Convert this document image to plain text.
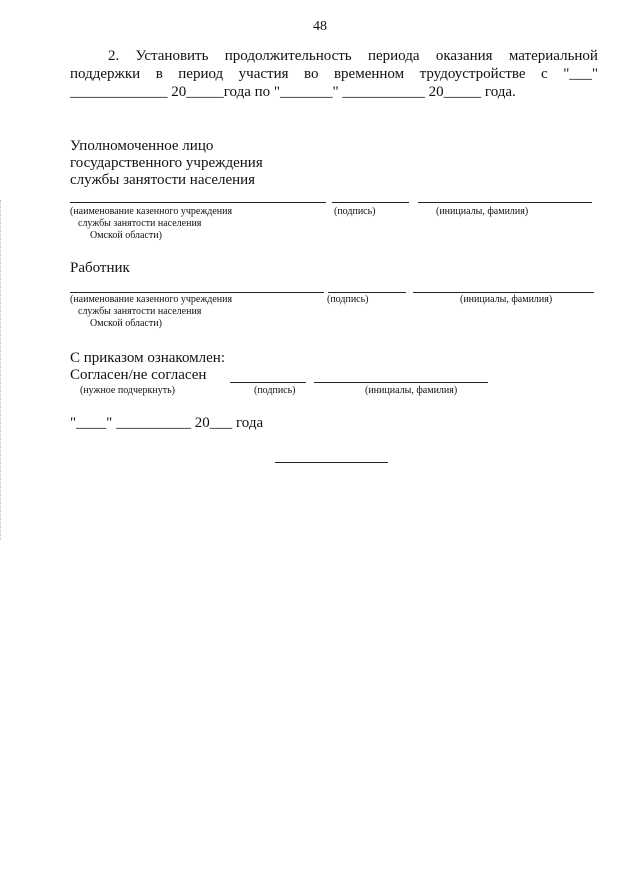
48
2. Установить продолжительность периода оказания материальной
поддержки в период участия во временном трудоустройстве с "___"
_____________ 20_____года по "_______" ___________ 20_____ года.
Уполномоченное лицо
государственного учреждения
службы занятости населения
(наименование казенного учреждения
службы занятости населения
Омской области)
(подпись)	(инициалы, фамилия)
Работник
(наименование казенного учреждения
службы занятости населения
Омской области)
(подпись)	(инициалы, фамилия)
С приказом ознакомлен:
Согласен/не согласен
(нужное подчеркнуть)	(подпись)	(инициалы, фамилия)
"____" __________ 20___ года
